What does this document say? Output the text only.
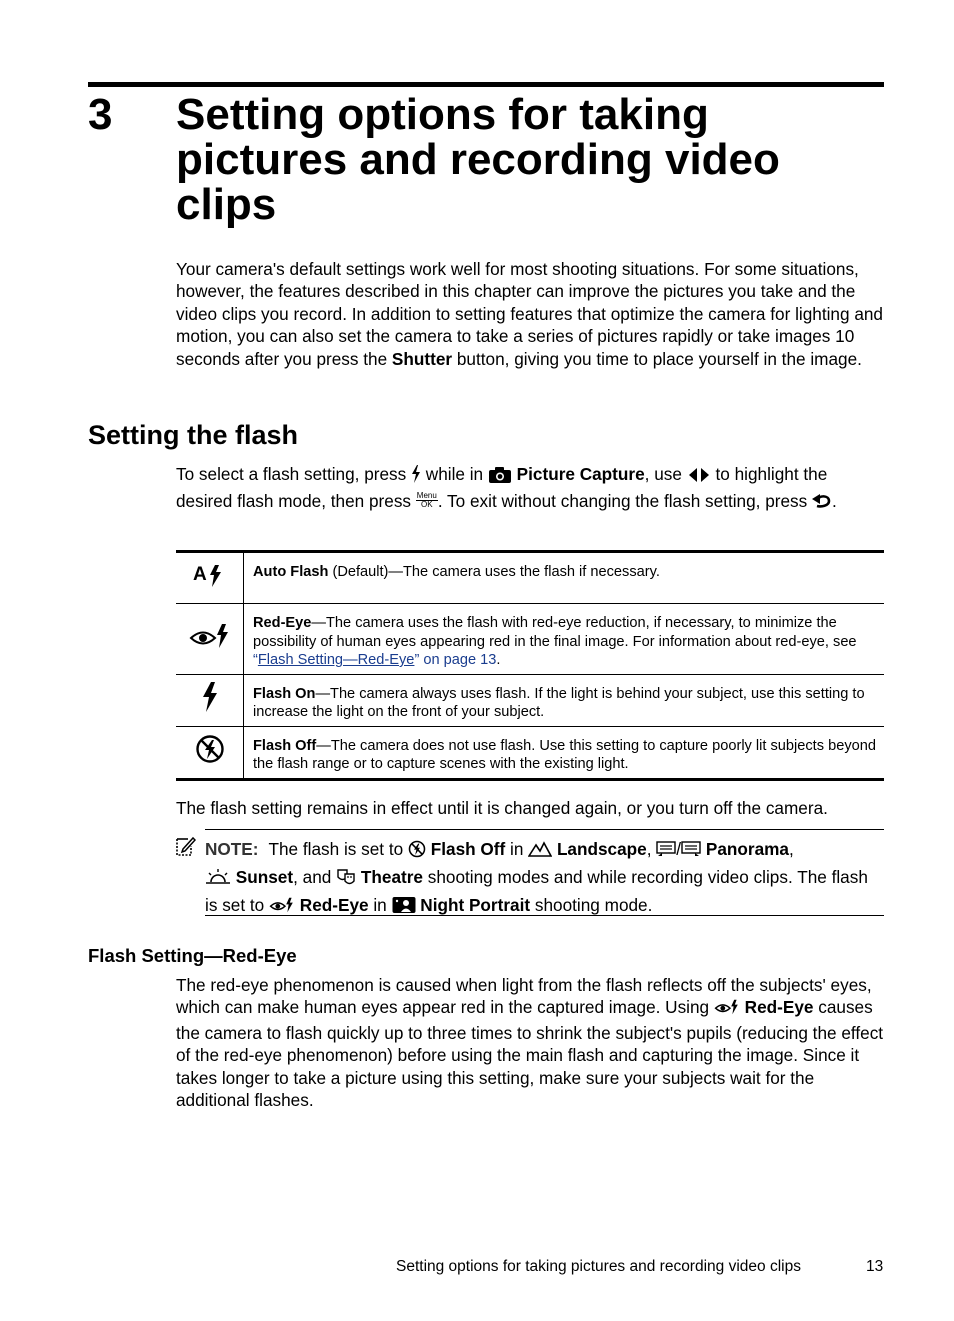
3 Setting options for taking pictures and recording video clips

Your camera's default settings work well for most shooting situations. For some situations, however, the features described in this chapter can improve the pictures you take and the video clips you record. In addition to setting features that optimize the camera for lighting and motion, you can also set the camera to take a series of pictures rapidly or take images 10 seconds after you press the Shutter button, giving you time to place yourself in the image.

Setting the flash

To select a flash setting, press  while in  Picture Capture, use  to highlight the desired flash mode, then press Menu
OK . To exit without changing the flash setting, press .

A	Auto Flash (Default)—The camera uses the flash if necessary.
	Red-Eye—The camera uses the flash with red-eye reduction, if necessary, to minimize the possibility of human eyes appearing red in the final image. For information about red-eye, see “Flash Setting—Red-Eye” on page 13.
	Flash On—The camera always uses flash. If the light is behind your subject, use this setting to increase the light on the front of your subject.
	Flash Off—The camera does not use flash. Use this setting to capture poorly lit subjects beyond the flash range or to capture scenes with the existing light.

The flash setting remains in effect until it is changed again, or you turn off the camera.

NOTE: The flash is set to  Flash Off in  Landscape, / Panorama,
Sunset, and  Theatre shooting modes and while recording video clips. The flash is set to  Red-Eye in  Night Portrait shooting mode.

Flash Setting—Red-Eye

The red-eye phenomenon is caused when light from the flash reflects off the subjects' eyes, which can make human eyes appear red in the captured image. Using  Red-Eye causes the camera to flash quickly up to three times to shrink the subject's pupils (reducing the effect of the red-eye phenomenon) before using the main flash and capturing the image. Since it takes longer to take a picture using this setting, make sure your subjects wait for the additional flashes.

Setting options for taking pictures and recording video clips	13
